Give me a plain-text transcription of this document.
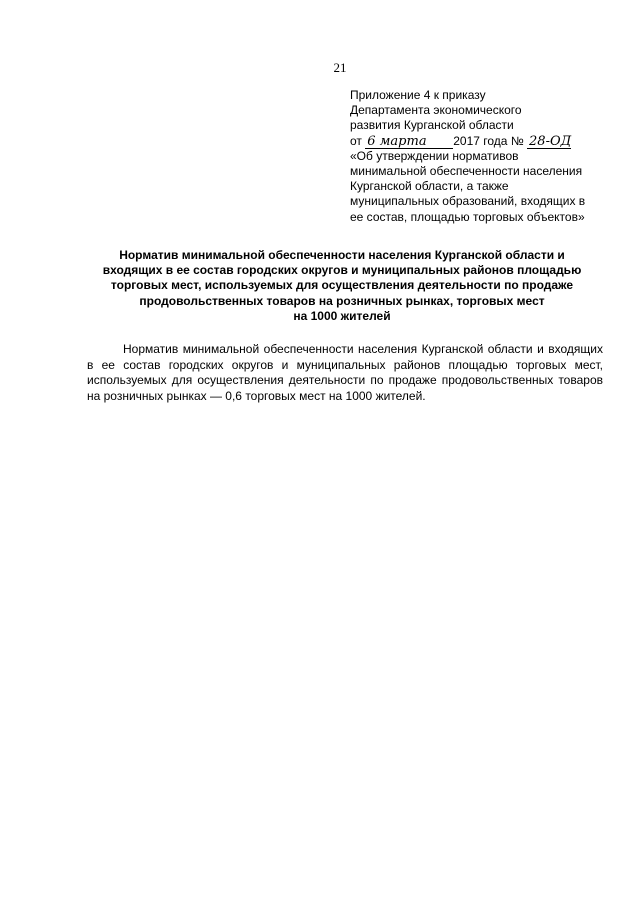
21
Приложение 4 к приказу
Департамента экономического
развития Курганской области
от 6 марта 2017 года № 28-ОД
«Об утверждении нормативов
минимальной обеспеченности населения
Курганской области, а также
муниципальных образований, входящих в
ее состав, площадью торговых объектов»
Норматив минимальной обеспеченности населения Курганской области и
входящих в ее состав городских округов и муниципальных районов площадью
торговых мест, используемых для осуществления деятельности по продаже
продовольственных товаров на розничных рынках, торговых мест
на 1000 жителей

Норматив минимальной обеспеченности населения Курганской области и входящих в ее состав городских округов и муниципальных районов площадью торговых мест, используемых для осуществления деятельности по продаже продовольственных товаров на розничных рынках — 0,6 торговых мест на 1000 жителей.
